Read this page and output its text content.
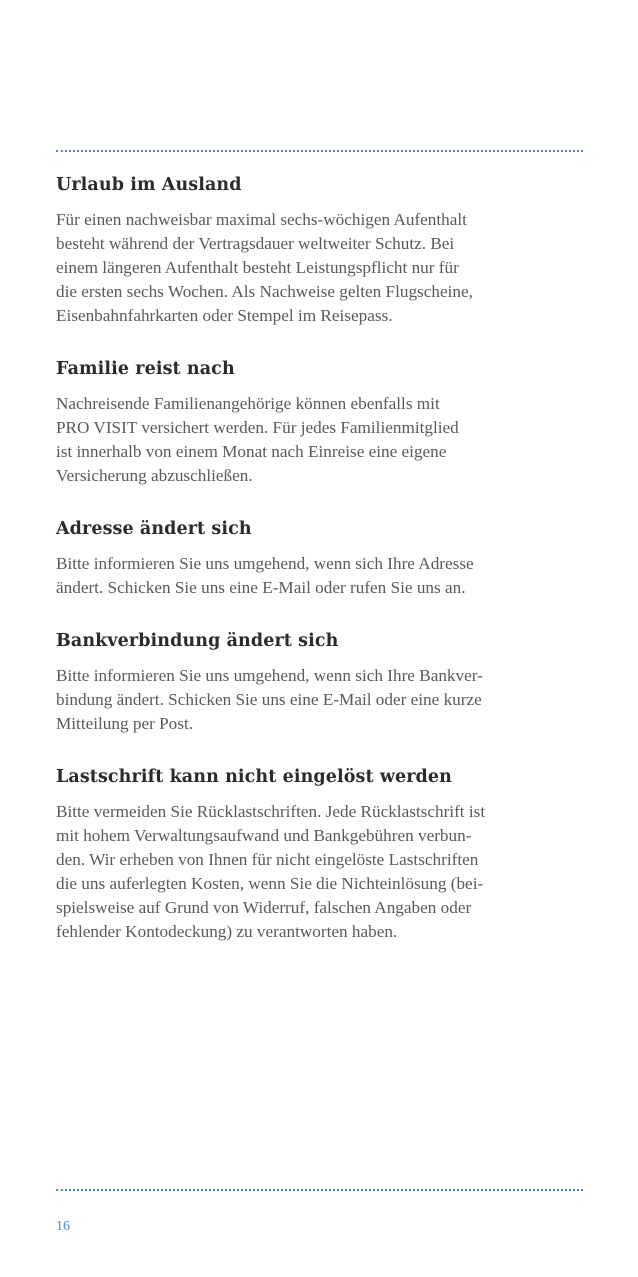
Urlaub im Ausland

Für einen nachweisbar maximal sechs-wöchigen Aufenthalt
besteht während der Vertragsdauer weltweiter Schutz. Bei
einem längeren Aufenthalt besteht Leistungspflicht nur für
die ersten sechs Wochen. Als Nachweise gelten Flugscheine,
Eisenbahnfahrkarten oder Stempel im Reisepass.

Familie reist nach

Nachreisende Familienangehörige können ebenfalls mit
PRO VISIT versichert werden. Für jedes Familienmitglied
ist innerhalb von einem Monat nach Einreise eine eigene
Versicherung abzuschließen.

Adresse ändert sich

Bitte informieren Sie uns umgehend, wenn sich Ihre Adresse
ändert. Schicken Sie uns eine E-Mail oder rufen Sie uns an.

Bankverbindung ändert sich

Bitte informieren Sie uns umgehend, wenn sich Ihre Bankver-
bindung ändert. Schicken Sie uns eine E-Mail oder eine kurze
Mitteilung per Post.

Lastschrift kann nicht eingelöst werden

Bitte vermeiden Sie Rücklastschriften. Jede Rücklastschrift ist
mit hohem Verwaltungsaufwand und Bankgebühren verbun-
den. Wir erheben von Ihnen für nicht eingelöste Lastschriften
die uns auferlegten Kosten, wenn Sie die Nichteinlösung (bei-
spielsweise auf Grund von Widerruf, falschen Angaben oder
fehlender Kontodeckung) zu verantworten haben.

16
